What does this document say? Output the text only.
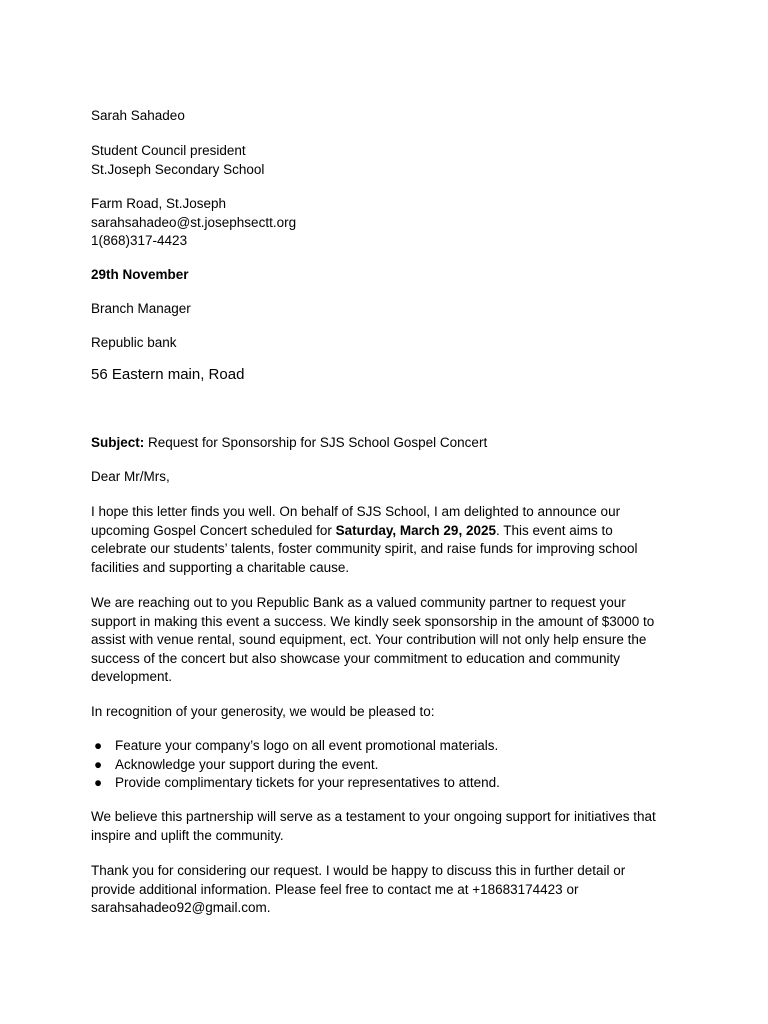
Sarah Sahadeo

Student Council president

St.Joseph Secondary School

Farm Road, St.Joseph

sarahsahadeo@st.josephsectt.org

1(868)317-4423

29th November

Branch Manager

Republic bank

56 Eastern main, Road

Subject: Request for Sponsorship for SJS School Gospel Concert

Dear Mr/Mrs,

I hope this letter finds you well. On behalf of SJS School, I am delighted to announce our

upcoming Gospel Concert scheduled for Saturday, March 29, 2025. This event aims to

celebrate our students’ talents, foster community spirit, and raise funds for improving school

facilities and supporting a charitable cause.

We are reaching out to you Republic Bank as a valued community partner to request your

support in making this event a success. We kindly seek sponsorship in the amount of $3000 to

assist with venue rental, sound equipment, ect. Your contribution will not only help ensure the

success of the concert but also showcase your commitment to education and community

development.

In recognition of your generosity, we would be pleased to:

● Feature your company’s logo on all event promotional materials.
● Acknowledge your support during the event.
● Provide complimentary tickets for your representatives to attend.

We believe this partnership will serve as a testament to your ongoing support for initiatives that

inspire and uplift the community.

Thank you for considering our request. I would be happy to discuss this in further detail or

provide additional information. Please feel free to contact me at +18683174423 or

sarahsahadeo92@gmail.com.
